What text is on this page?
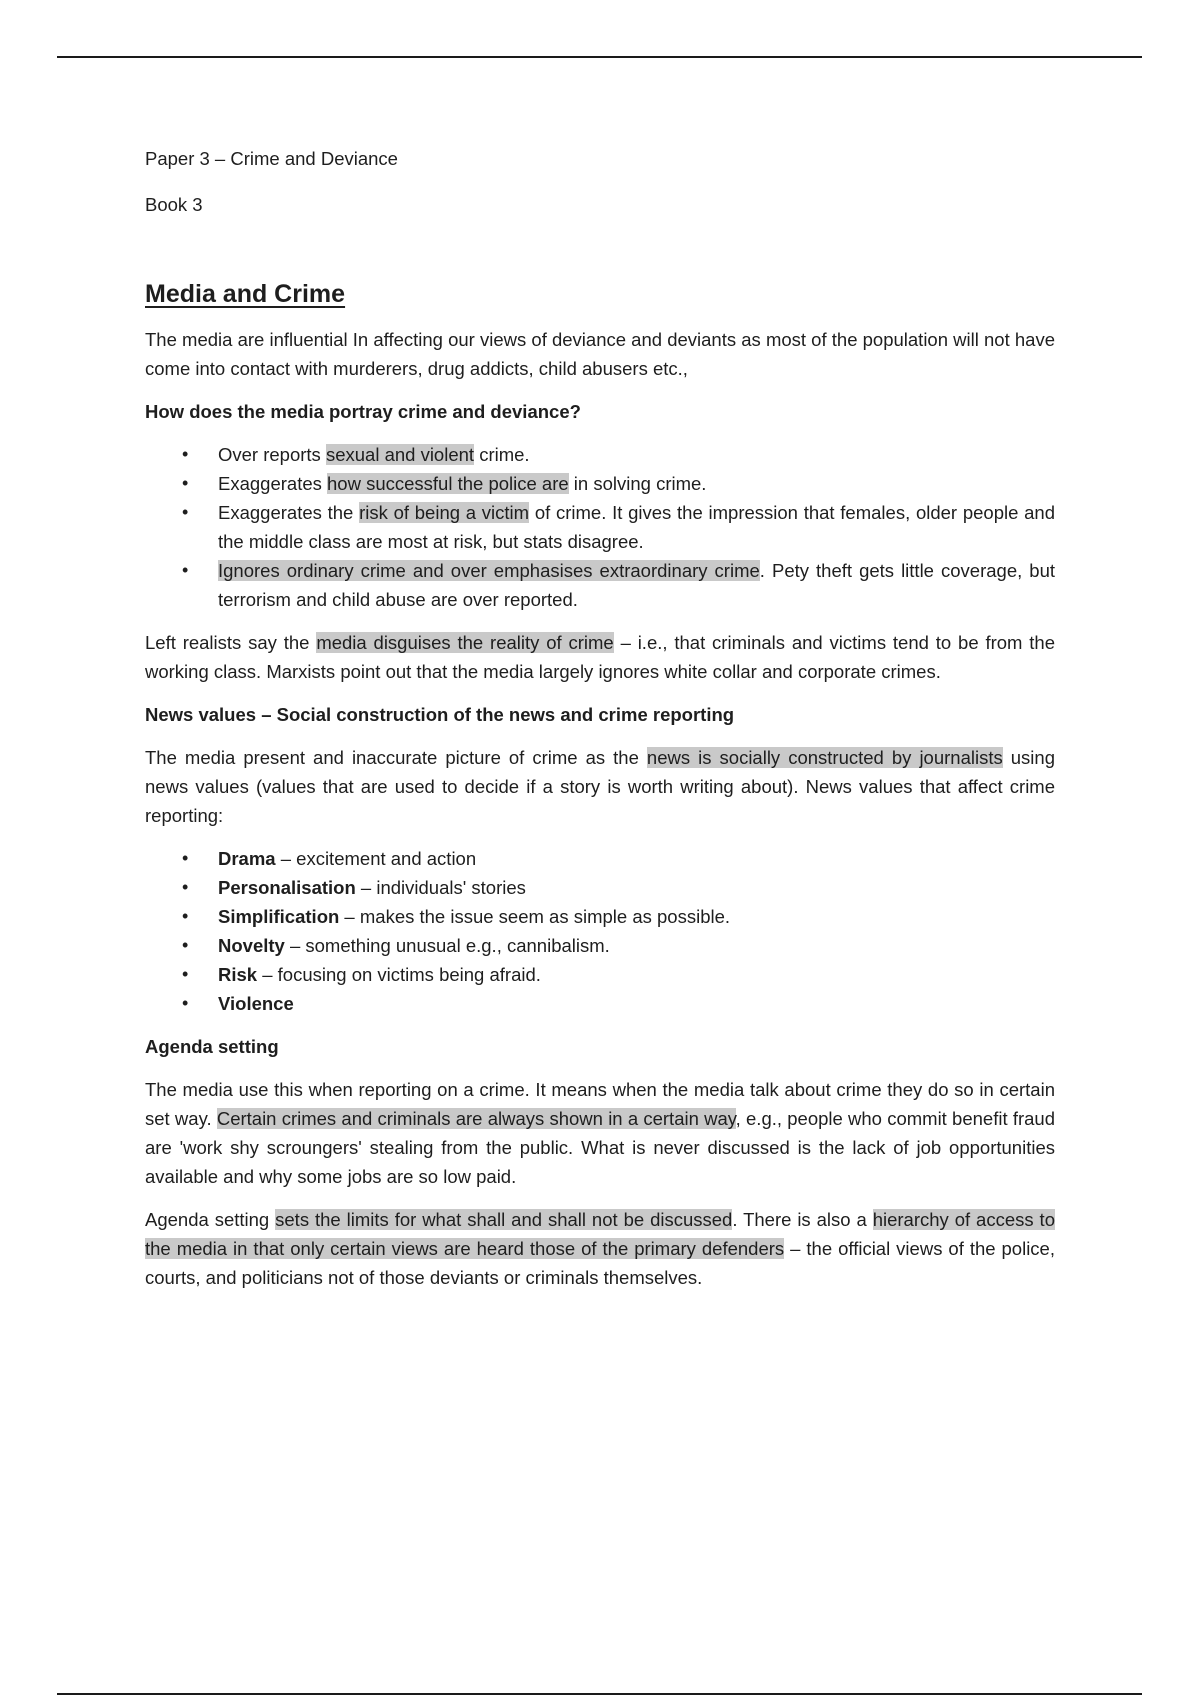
Paper 3 – Crime and Deviance

Book 3

Media and Crime

The media are influential In affecting our views of deviance and deviants as most of the population will not have come into contact with murderers, drug addicts, child abusers etc.,

How does the media portray crime and deviance?

• Over reports sexual and violent crime.
• Exaggerates how successful the police are in solving crime.
• Exaggerates the risk of being a victim of crime. It gives the impression that females, older people and the middle class are most at risk, but stats disagree.
• Ignores ordinary crime and over emphasises extraordinary crime. Pety theft gets little coverage, but terrorism and child abuse are over reported.

Left realists say the media disguises the reality of crime – i.e., that criminals and victims tend to be from the working class. Marxists point out that the media largely ignores white collar and corporate crimes.

News values – Social construction of the news and crime reporting

The media present and inaccurate picture of crime as the news is socially constructed by journalists using news values (values that are used to decide if a story is worth writing about). News values that affect crime reporting:

• Drama – excitement and action
• Personalisation – individuals' stories
• Simplification – makes the issue seem as simple as possible.
• Novelty – something unusual e.g., cannibalism.
• Risk – focusing on victims being afraid.
• Violence

Agenda setting

The media use this when reporting on a crime. It means when the media talk about crime they do so in certain set way. Certain crimes and criminals are always shown in a certain way, e.g., people who commit benefit fraud are 'work shy scroungers' stealing from the public. What is never discussed is the lack of job opportunities available and why some jobs are so low paid.

Agenda setting sets the limits for what shall and shall not be discussed. There is also a hierarchy of access to the media in that only certain views are heard those of the primary defenders – the official views of the police, courts, and politicians not of those deviants or criminals themselves.
